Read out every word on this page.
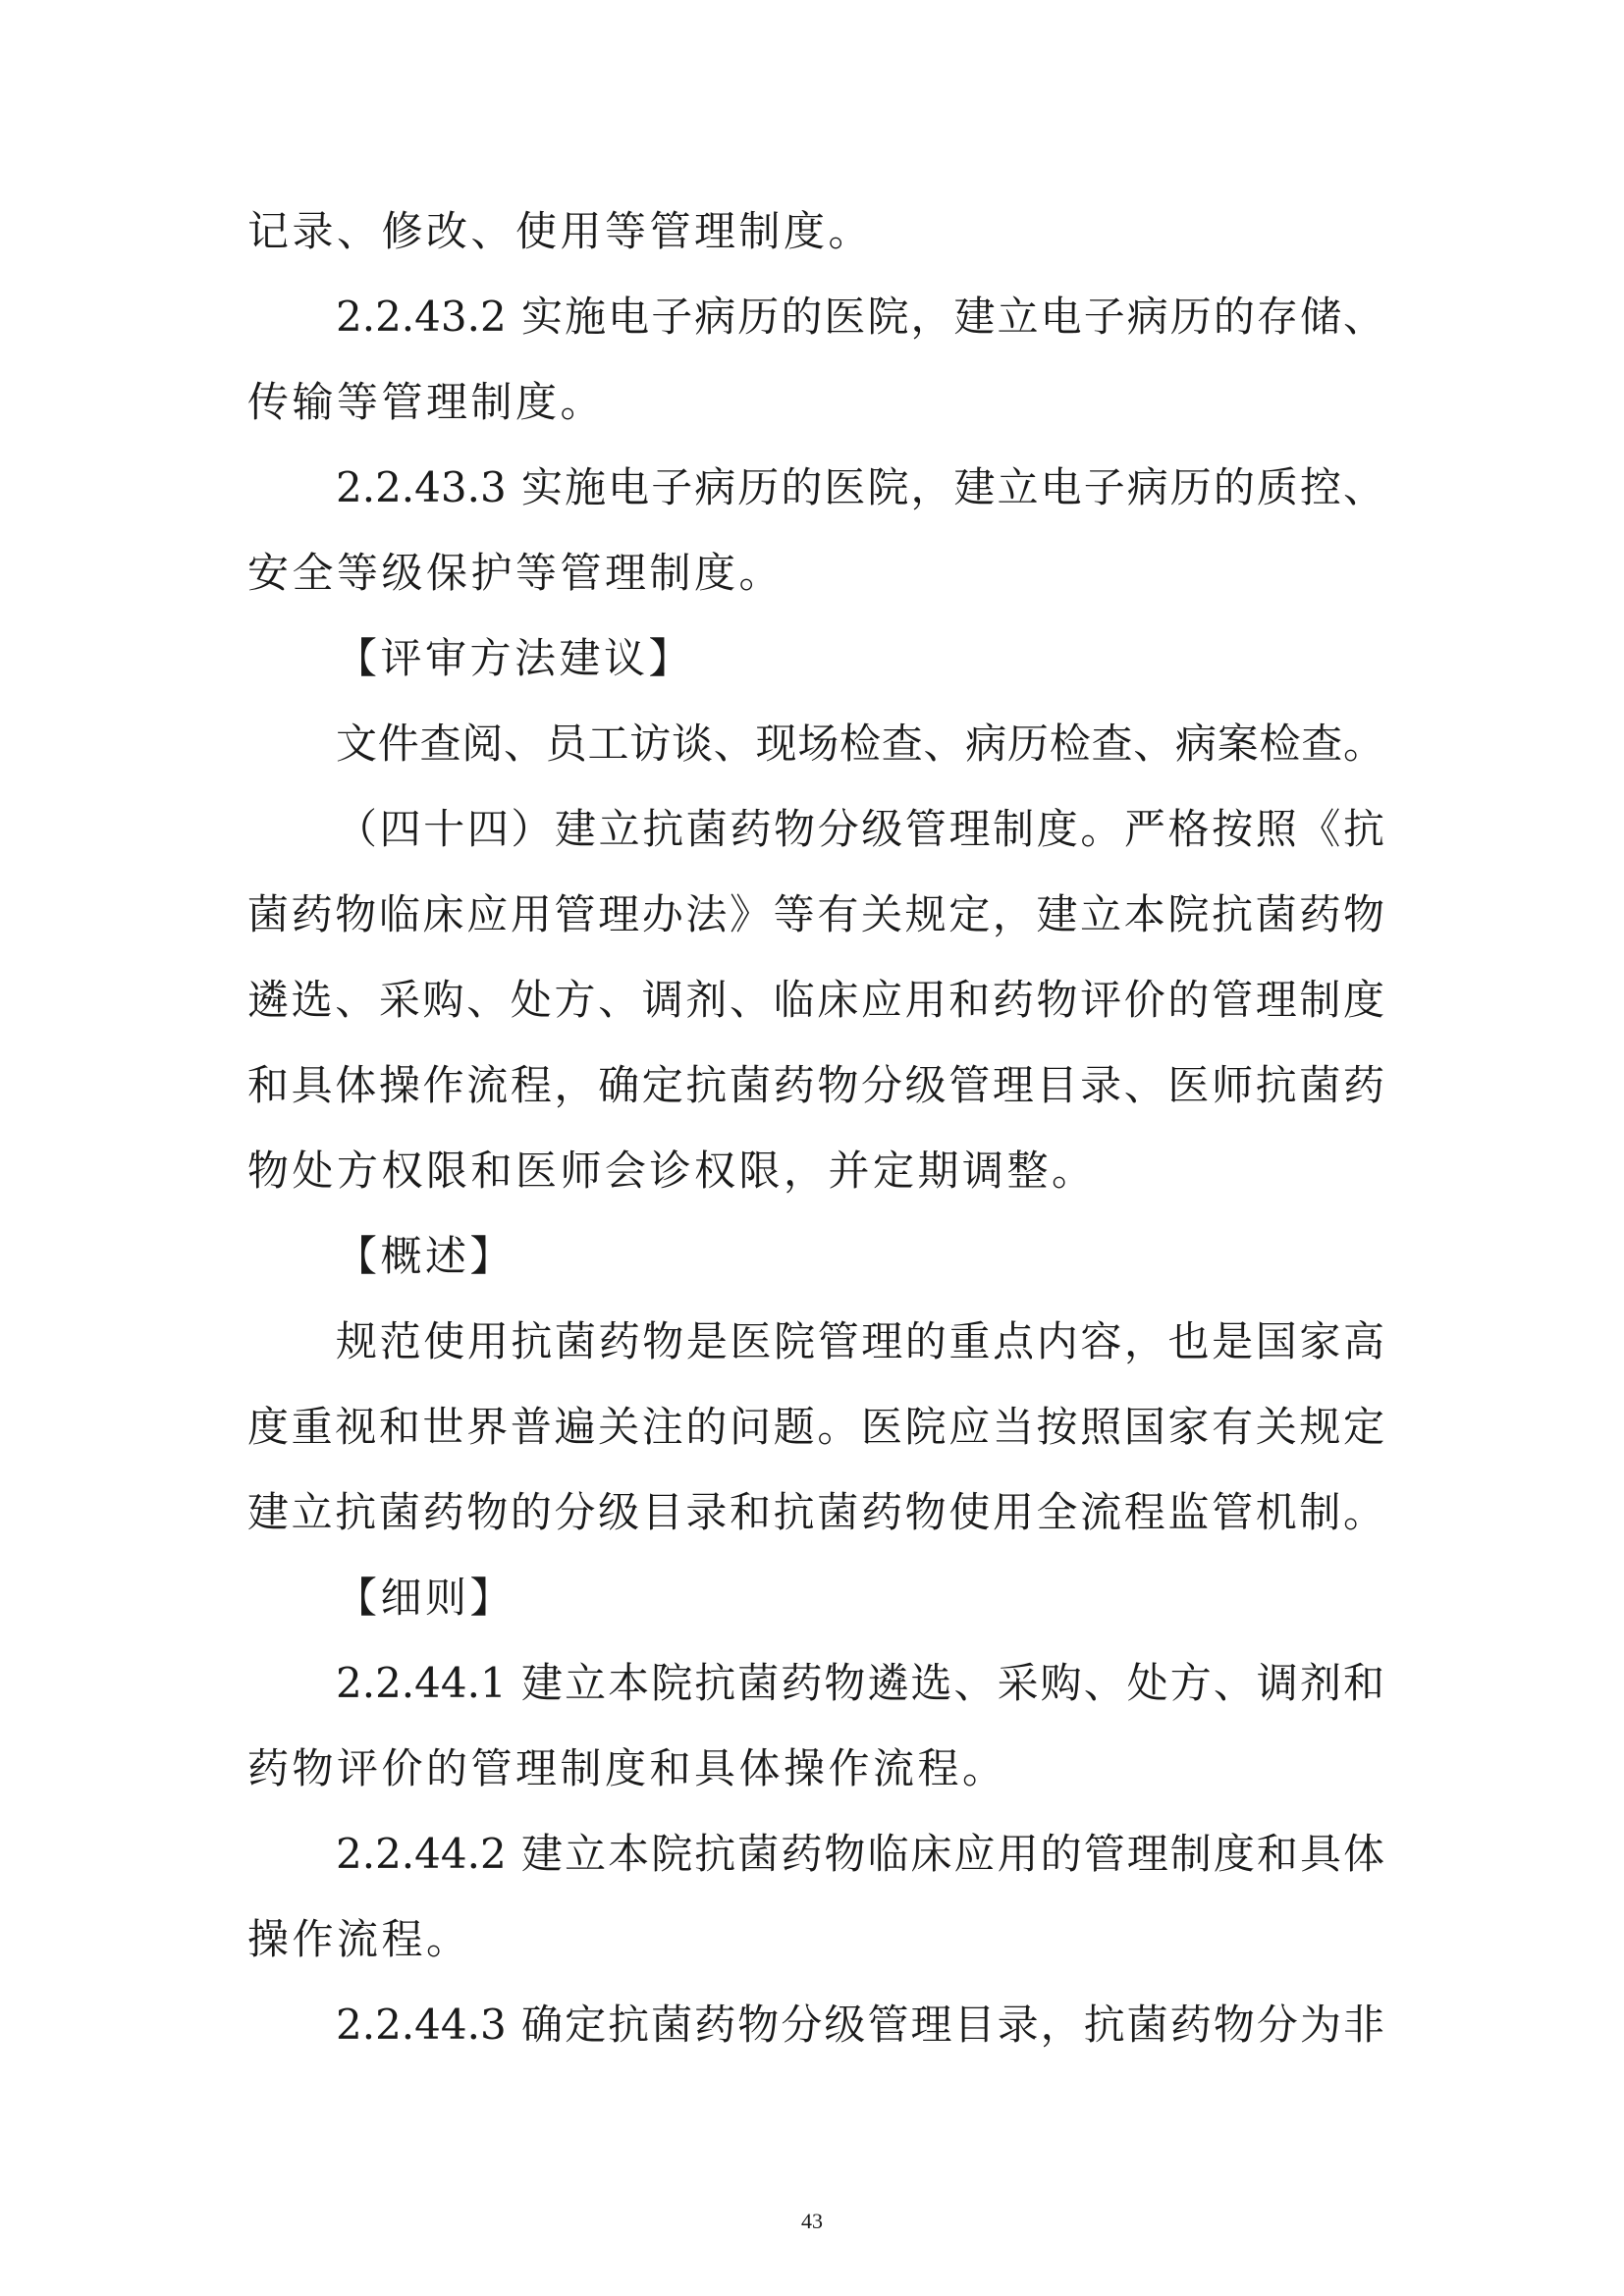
记录、修改、使用等管理制度。
2.2.43.2 实施电子病历的医院，建立电子病历的存储、
传输等管理制度。
2.2.43.3 实施电子病历的医院，建立电子病历的质控、
安全等级保护等管理制度。
【评审方法建议】
文件查阅、员工访谈、现场检查、病历检查、病案检查。
（四十四）建立抗菌药物分级管理制度。严格按照《抗
菌药物临床应用管理办法》等有关规定，建立本院抗菌药物
遴选、采购、处方、调剂、临床应用和药物评价的管理制度
和具体操作流程，确定抗菌药物分级管理目录、医师抗菌药
物处方权限和医师会诊权限，并定期调整。
【概述】
规范使用抗菌药物是医院管理的重点内容，也是国家高
度重视和世界普遍关注的问题。医院应当按照国家有关规定
建立抗菌药物的分级目录和抗菌药物使用全流程监管机制。
【细则】
2.2.44.1 建立本院抗菌药物遴选、采购、处方、调剂和
药物评价的管理制度和具体操作流程。
2.2.44.2 建立本院抗菌药物临床应用的管理制度和具体
操作流程。
2.2.44.3 确定抗菌药物分级管理目录，抗菌药物分为非
43
